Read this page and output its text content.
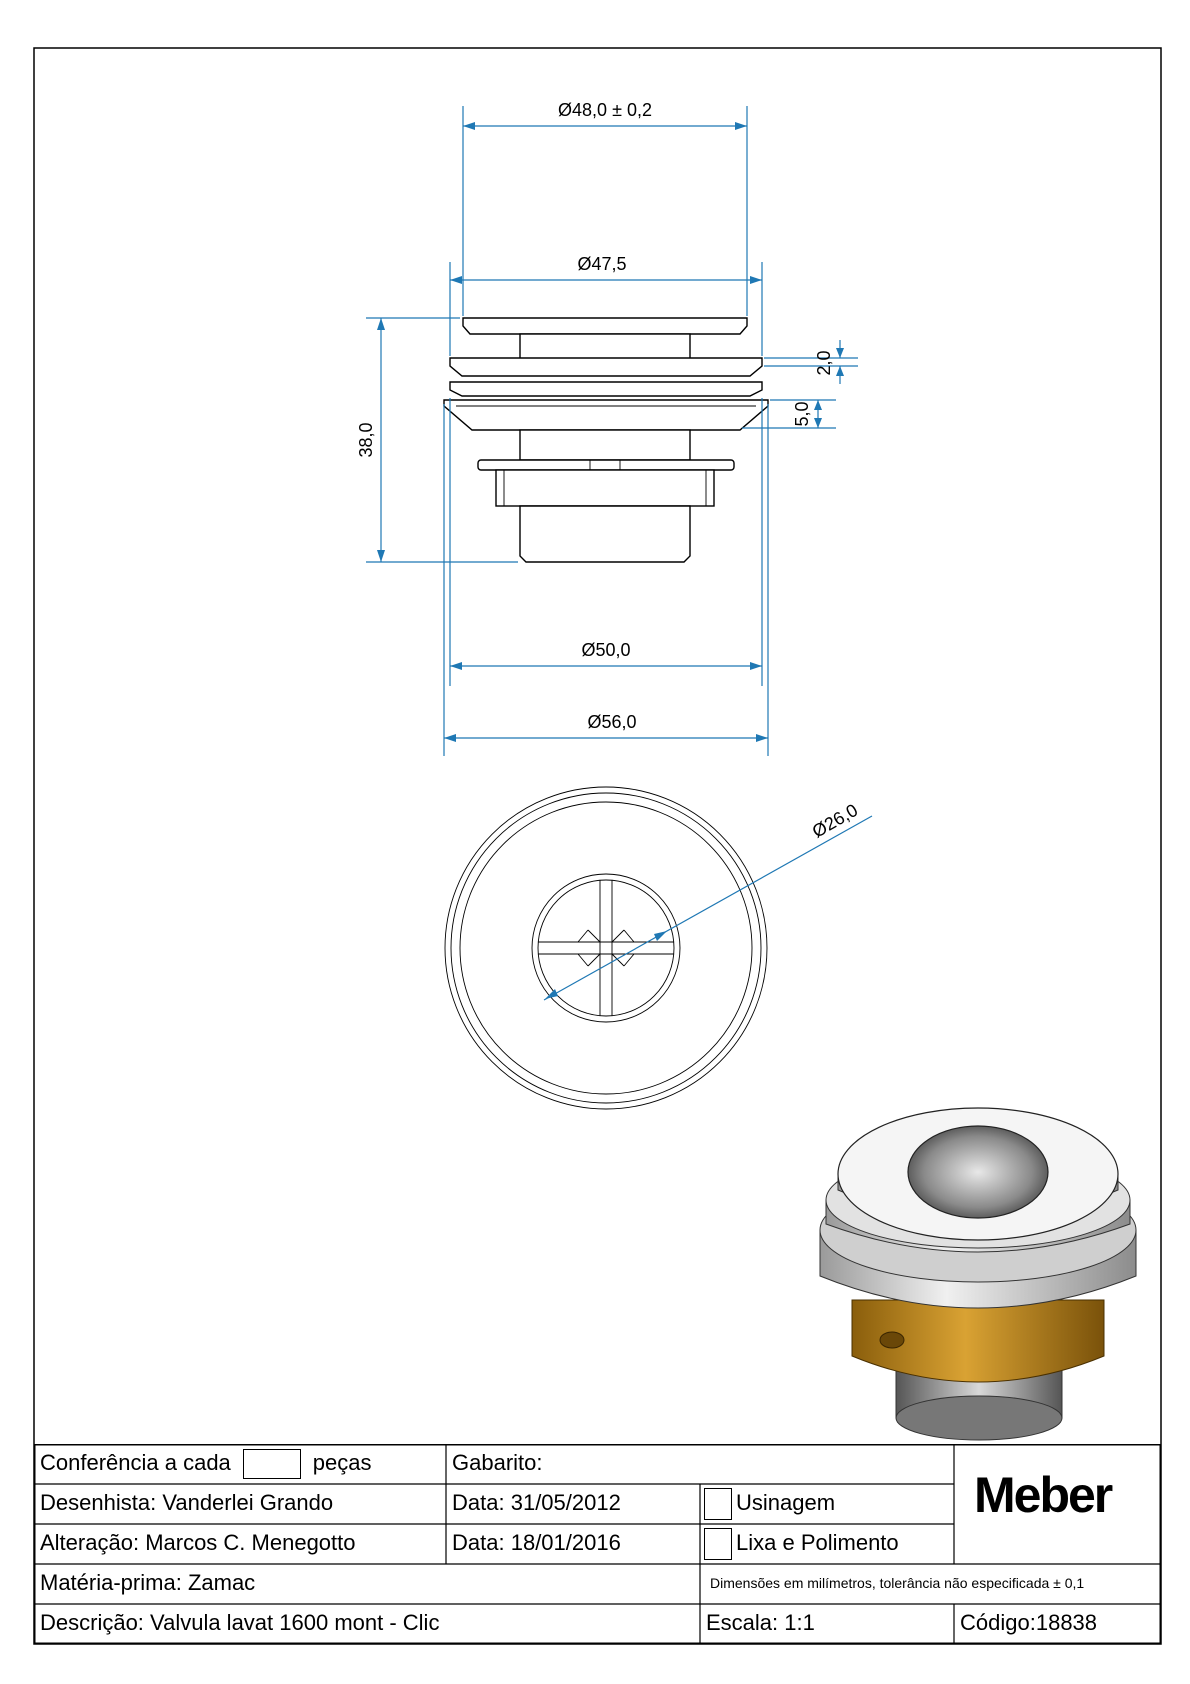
Ø48,0 ± 0,2
Ø47,5
38,0
2,0
5,0
Ø50,0
Ø56,0
Ø26,0
Conferência a cada	peças	Gabarito:
Desenhista: Vanderlei Grando	Data: 31/05/2012	Usinagem
Alteração: Marcos C. Menegotto	Data: 18/01/2016	Lixa e Polimento
Meber
Matéria-prima: Zamac	Dimensões em milímetros, tolerância não especificada ± 0,1
Descrição: Valvula lavat 1600 mont - Clic	Escala: 1:1	Código:18838
